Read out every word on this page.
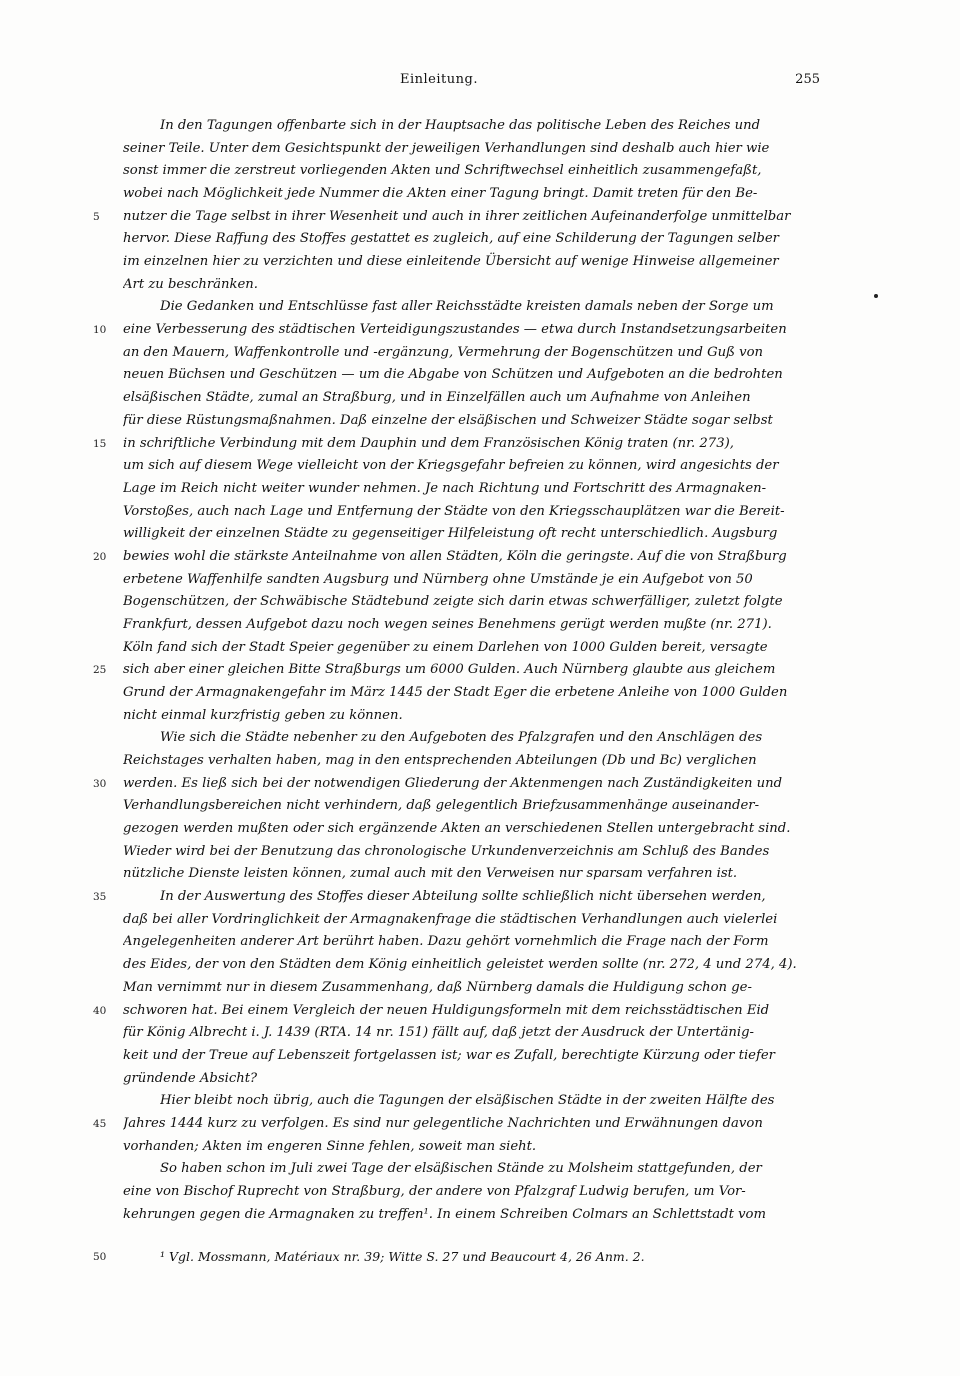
Einleitung.	255
In den Tagungen offenbarte sich in der Hauptsache das politische Leben des Reiches und
seiner Teile. Unter dem Gesichtspunkt der jeweiligen Verhandlungen sind deshalb auch hier wie
sonst immer die zerstreut vorliegenden Akten und Schriftwechsel einheitlich zusammengefaßt,
wobei nach Möglichkeit jede Nummer die Akten einer Tagung bringt. Damit treten für den Be-
nutzer die Tage selbst in ihrer Wesenheit und auch in ihrer zeitlichen Aufeinanderfolge unmittelbar
hervor. Diese Raffung des Stoffes gestattet es zugleich, auf eine Schilderung der Tagungen selber
im einzelnen hier zu verzichten und diese einleitende Übersicht auf wenige Hinweise allgemeiner
Art zu beschränken.
Die Gedanken und Entschlüsse fast aller Reichsstädte kreisten damals neben der Sorge um
eine Verbesserung des städtischen Verteidigungszustandes — etwa durch Instandsetzungsarbeiten
an den Mauern, Waffenkontrolle und -ergänzung, Vermehrung der Bogenschützen und Guß von
neuen Büchsen und Geschützen — um die Abgabe von Schützen und Aufgeboten an die bedrohten
elsäßischen Städte, zumal an Straßburg, und in Einzelfällen auch um Aufnahme von Anleihen
für diese Rüstungsmaßnahmen. Daß einzelne der elsäßischen und Schweizer Städte sogar selbst
in schriftliche Verbindung mit dem Dauphin und dem Französischen König traten (nr. 273),
um sich auf diesem Wege vielleicht von der Kriegsgefahr befreien zu können, wird angesichts der
Lage im Reich nicht weiter wunder nehmen. Je nach Richtung und Fortschritt des Armagnaken-
Vorstoßes, auch nach Lage und Entfernung der Städte von den Kriegsschauplätzen war die Bereit-
willigkeit der einzelnen Städte zu gegenseitiger Hilfeleistung oft recht unterschiedlich. Augsburg
bewies wohl die stärkste Anteilnahme von allen Städten, Köln die geringste. Auf die von Straßburg
erbetene Waffenhilfe sandten Augsburg und Nürnberg ohne Umstände je ein Aufgebot von 50
Bogenschützen, der Schwäbische Städtebund zeigte sich darin etwas schwerfälliger, zuletzt folgte
Frankfurt, dessen Aufgebot dazu noch wegen seines Benehmens gerügt werden mußte (nr. 271).
Köln fand sich der Stadt Speier gegenüber zu einem Darlehen von 1000 Gulden bereit, versagte
sich aber einer gleichen Bitte Straßburgs um 6000 Gulden. Auch Nürnberg glaubte aus gleichem
Grund der Armagnakengefahr im März 1445 der Stadt Eger die erbetene Anleihe von 1000 Gulden
nicht einmal kurzfristig geben zu können.
Wie sich die Städte nebenher zu den Aufgeboten des Pfalzgrafen und den Anschlägen des
Reichstages verhalten haben, mag in den entsprechenden Abteilungen (Db und Bc) verglichen
werden. Es ließ sich bei der notwendigen Gliederung der Aktenmengen nach Zuständigkeiten und
Verhandlungsbereichen nicht verhindern, daß gelegentlich Briefzusammenhänge auseinander-
gezogen werden mußten oder sich ergänzende Akten an verschiedenen Stellen untergebracht sind.
Wieder wird bei der Benutzung das chronologische Urkundenverzeichnis am Schluß des Bandes
nützliche Dienste leisten können, zumal auch mit den Verweisen nur sparsam verfahren ist.
In der Auswertung des Stoffes dieser Abteilung sollte schließlich nicht übersehen werden,
daß bei aller Vordringlichkeit der Armagnakenfrage die städtischen Verhandlungen auch vielerlei
Angelegenheiten anderer Art berührt haben. Dazu gehört vornehmlich die Frage nach der Form
des Eides, der von den Städten dem König einheitlich geleistet werden sollte (nr. 272, 4 und 274, 4).
Man vernimmt nur in diesem Zusammenhang, daß Nürnberg damals die Huldigung schon ge-
schworen hat. Bei einem Vergleich der neuen Huldigungsformeln mit dem reichsstädtischen Eid
für König Albrecht i. J. 1439 (RTA. 14 nr. 151) fällt auf, daß jetzt der Ausdruck der Untertänig-
keit und der Treue auf Lebenszeit fortgelassen ist; war es Zufall, berechtigte Kürzung oder tiefer
gründende Absicht?
Hier bleibt noch übrig, auch die Tagungen der elsäßischen Städte in der zweiten Hälfte des
Jahres 1444 kurz zu verfolgen. Es sind nur gelegentliche Nachrichten und Erwähnungen davon
vorhanden; Akten im engeren Sinne fehlen, soweit man sieht.
So haben schon im Juli zwei Tage der elsäßischen Stände zu Molsheim stattgefunden, der
eine von Bischof Ruprecht von Straßburg, der andere von Pfalzgraf Ludwig berufen, um Vor-
kehrungen gegen die Armagnaken zu treffen¹. In einem Schreiben Colmars an Schlettstadt vom
5
10
15
20
25
30
35
40
45
50	¹ Vgl. Mossmann, Matériaux nr. 39; Witte S. 27 und Beaucourt 4, 26 Anm. 2.
